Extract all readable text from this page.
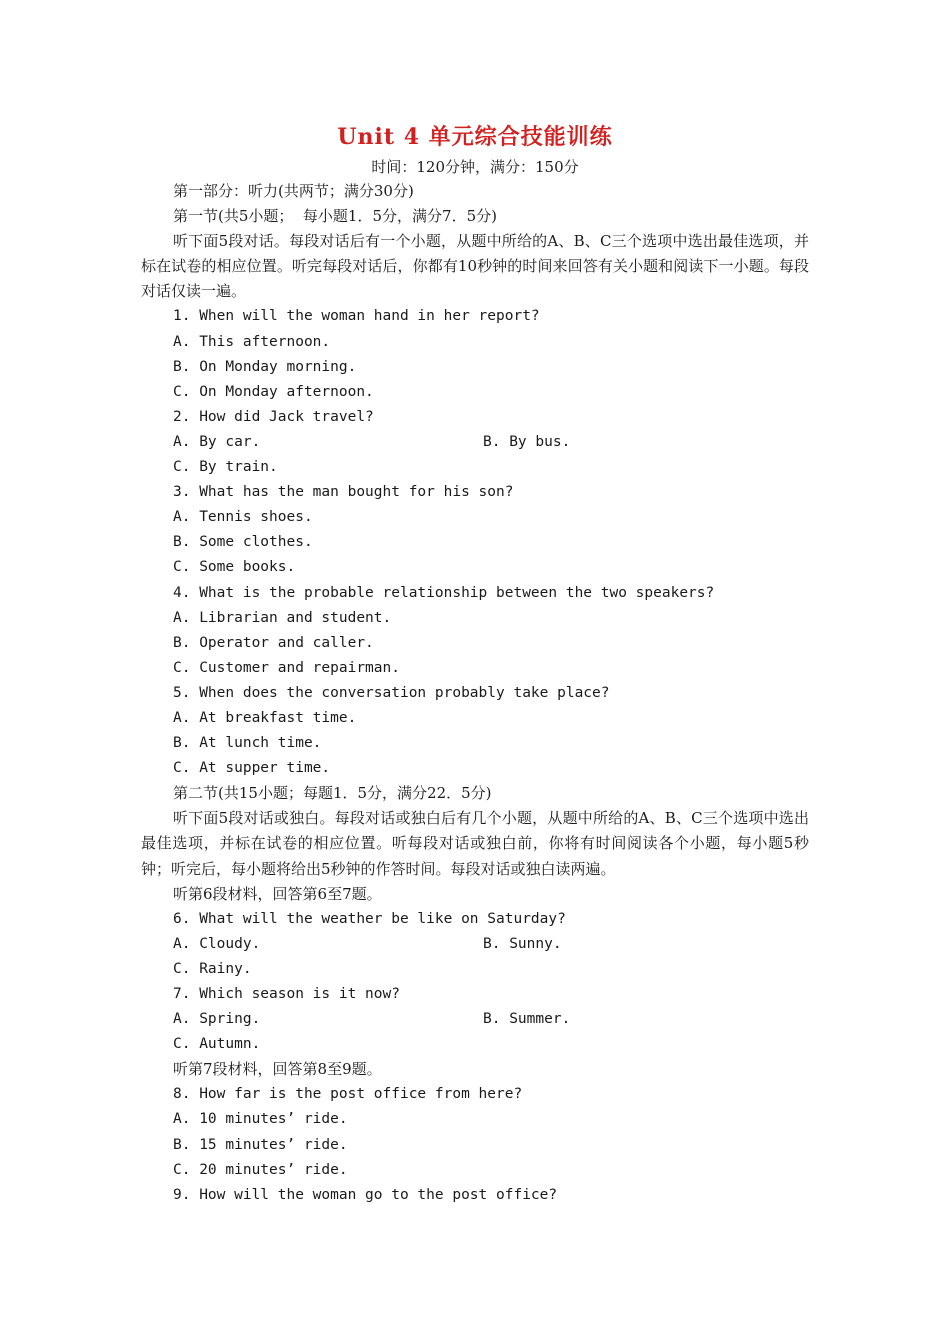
Unit 4 单元综合技能训练
时间：120分钟，满分：150分
第一部分：听力(共两节；满分30分)
第一节(共5小题；  每小题1．5分，满分7．5分)
听下面5段对话。每段对话后有一个小题，从题中所给的A、B、C三个选项中选出最佳选项，并标在试卷的相应位置。听完每段对话后，你都有10秒钟的时间来回答有关小题和阅读下一小题。每段对话仅读一遍。
1. When will the woman hand in her report?
A. This afternoon.
B. On Monday morning.
C. On Monday afternoon.
2. How did Jack travel?
A. By car.	B. By bus.
C. By train.
3. What has the man bought for his son?
A. Tennis shoes.
B. Some clothes.
C. Some books.
4. What is the probable relationship between the two speakers?
A. Librarian and student.
B. Operator and caller.
C. Customer and repairman.
5. When does the conversation probably take place?
A. At breakfast time.
B. At lunch time.
C. At supper time.
第二节(共15小题；每题1．5分，满分22．5分)
听下面5段对话或独白。每段对话或独白后有几个小题，从题中所给的A、B、C三个选项中选出最佳选项，并标在试卷的相应位置。听每段对话或独白前，你将有时间阅读各个小题，每小题5秒钟；听完后，每小题将给出5秒钟的作答时间。每段对话或独白读两遍。
听第6段材料，回答第6至7题。
6. What will the weather be like on Saturday?
A. Cloudy.	B. Sunny.
C. Rainy.
7. Which season is it now?
A. Spring.	B. Summer.
C. Autumn.
听第7段材料，回答第8至9题。
8. How far is the post office from here?
A. 10 minutes’ ride.
B. 15 minutes’ ride.
C. 20 minutes’ ride.
9. How will the woman go to the post office?
